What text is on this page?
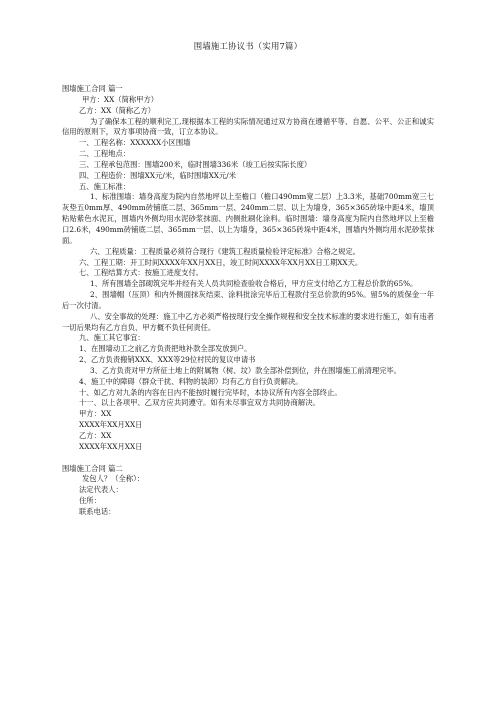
围墙施工协议书（实用7篇）

围墙施工合同 篇一

甲方：XX（简称甲方）

乙方：XX（简称乙方）

为了确保本工程的顺利完工,现根据本工程的实际情况通过双方协商在遵循平等、自愿、公平、公正和诚实信用的原则下，双方事项协商一致，订立本协议。

一、工程名称：XXXXXX小区围墙

二、工程地点：

三、工程承包范围：围墙200米，临时围墙336米（竣工后按实际长度）

四、工程造价：围墙XX元/米，临时围墙XX元/米

五、施工标准：

1、标准围墙：墙身高度为院内自然地坪以上至檐口（檐口490mm宽二层）上3.3米，基础700mm宽三七灰垫五0mm厚、490mm砖铺底二层、365mm一层、240mm二层、以上为墙身，365×365砖垛中距4米，墙顶粘贴紫色水泥瓦，围墙内外侧均用水泥砂浆抹面、内侧批刷化涂料。临时围墙：墙身高度为院内自然地坪以上至檐口2.6米，490mm砖铺底二层、365mm一层、以上为墙身，365×365砖垛中距4米，围墙内外侧均用水泥砂浆抹面。

六、工程质量：工程质量必须符合现行《建筑工程质量检验评定标准》合格之规定。

六、工程工期：开工时间XXXX年XX月XX日，竣工时间XXXX年XX月XX日工期XX天。

七、工程结算方式：按施工进度支付。

1、所有围墙全部砌筑完毕并经有关人员共同检查验收合格后，甲方应支付给乙方工程总价款的65%。

2、围墙帽（压顶）和内外侧面抹灰结束、涂料批涂完毕后工程款付至总价款的95%。留5%的质保金一年后一次付清。

八、安全事故的处理：施工中乙方必须严格按现行安全操作规程和安全技术标准的要求进行施工，如有违者一切后果均有乙方自负、甲方概不负任何责任。

九、施工其它事宜：

1、在围墙动工之前乙方负责把地补款全部发放到户。

2、乙方负责搬销XXX、XXX等29位村民的复议申请书

3、乙方负责对甲方所征土地上的附属物（树、坟）款全部补偿到位，并在围墙施工前清理完毕。

4、施工中的障碍（群众干扰、料物的装卸）均有乙方自行负责解决。

十、如乙方对九条的内容在日内不能按时履行完毕时，本协议所有内容全部终止。

十一、以上各项甲、乙双方应共同遵守。如有未尽事宜双方共同协商解决。

甲方：XX

XXXX年XX月XX日

乙方：XX

XXXX年XX月XX日

围墙施工合同 篇二

发包人？（全称）：

法定代表人：

住所：

联系电话：
